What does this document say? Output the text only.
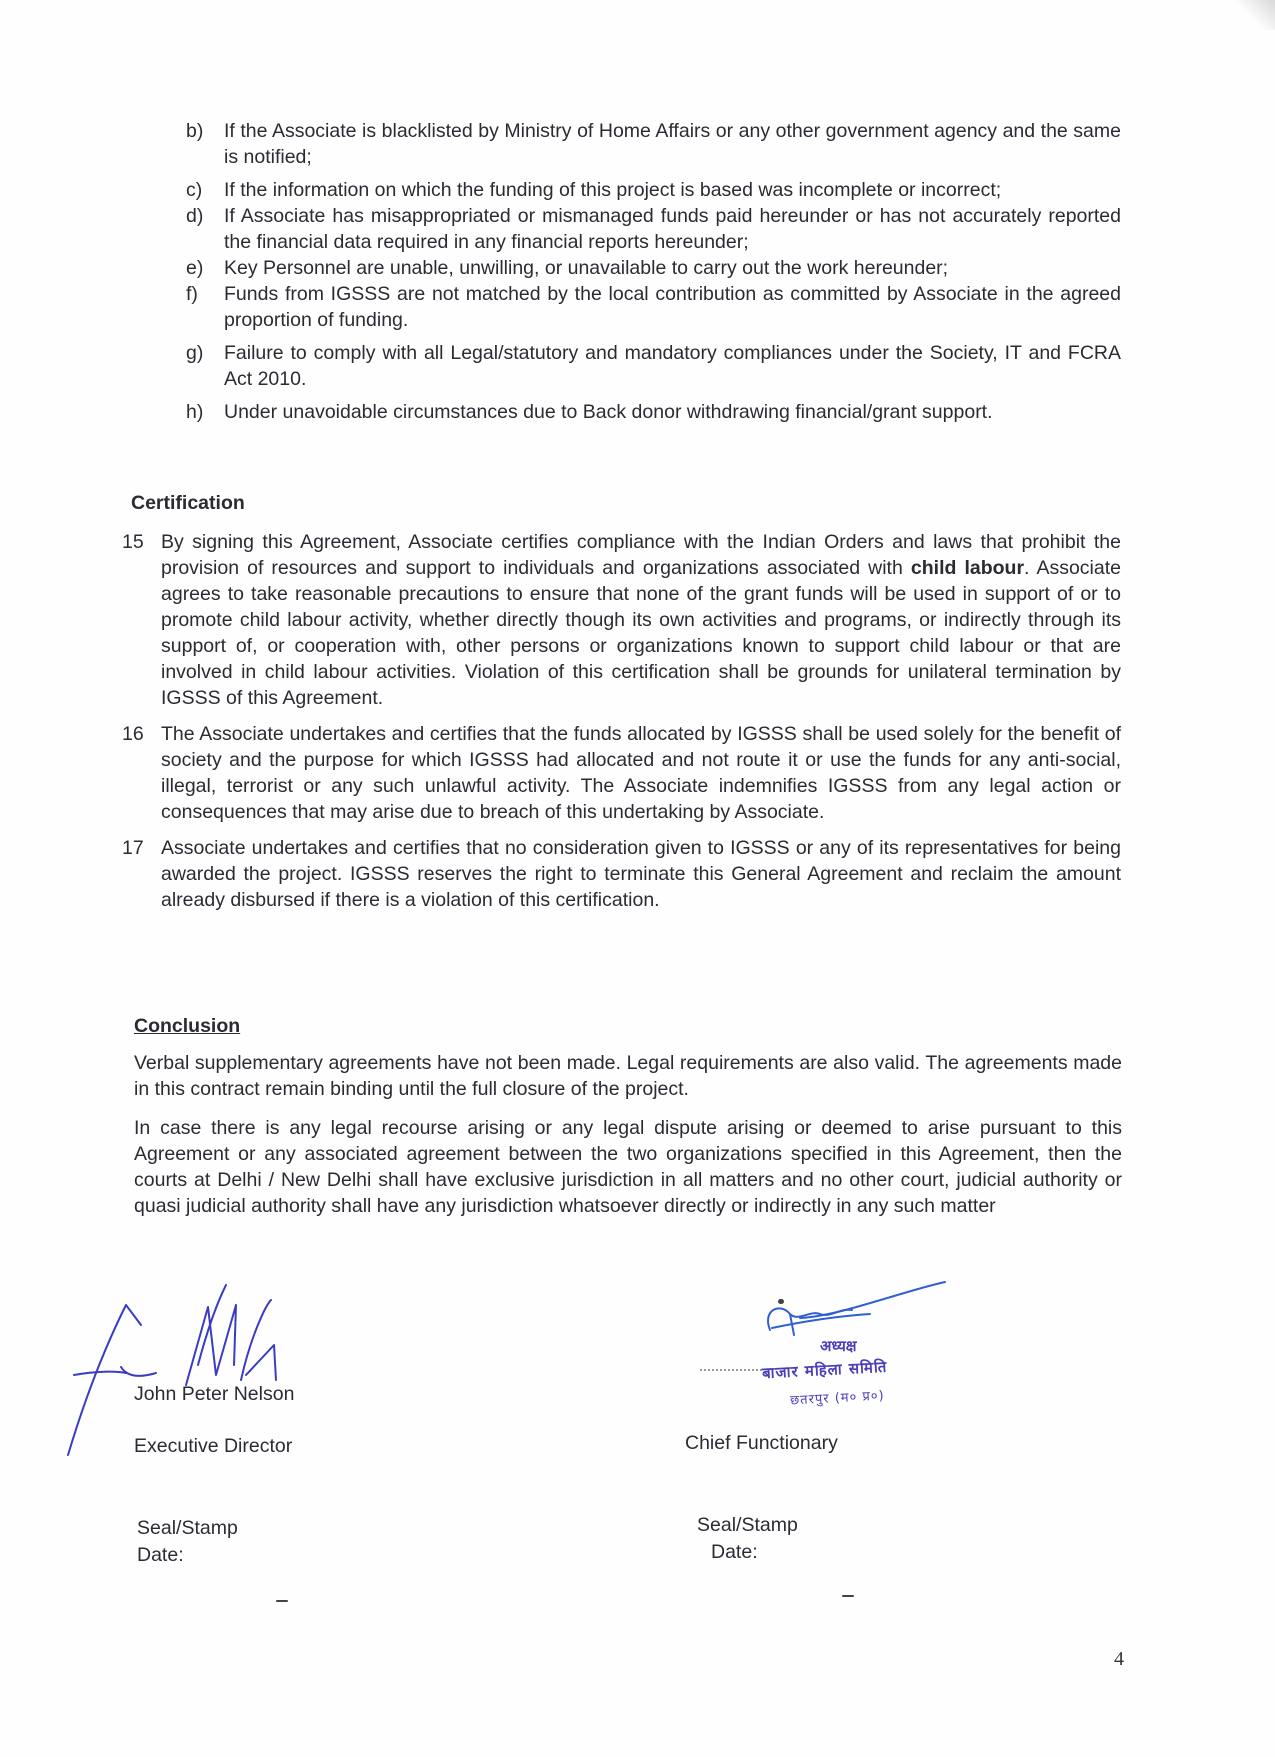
b)	If the Associate is blacklisted by Ministry of Home Affairs or any other government agency and the same is notified;
c)	If the information on which the funding of this project is based was incomplete or incorrect;
d)	If Associate has misappropriated or mismanaged funds paid hereunder or has not accurately reported the financial data required in any financial reports hereunder;
e)	Key Personnel are unable, unwilling, or unavailable to carry out the work hereunder;
f)	Funds from IGSSS are not matched by the local contribution as committed by Associate in the agreed proportion of funding.
g)	Failure to comply with all Legal/statutory and mandatory compliances under the Society, IT and FCRA Act 2010.
h)	Under unavoidable circumstances due to Back donor withdrawing financial/grant support.
Certification
15 By signing this Agreement, Associate certifies compliance with the Indian Orders and laws that prohibit the provision of resources and support to individuals and organizations associated with child labour. Associate agrees to take reasonable precautions to ensure that none of the grant funds will be used in support of or to promote child labour activity, whether directly though its own activities and programs, or indirectly through its support of, or cooperation with, other persons or organizations known to support child labour or that are involved in child labour activities. Violation of this certification shall be grounds for unilateral termination by IGSSS of this Agreement.
16 The Associate undertakes and certifies that the funds allocated by IGSSS shall be used solely for the benefit of society and the purpose for which IGSSS had allocated and not route it or use the funds for any anti-social, illegal, terrorist or any such unlawful activity. The Associate indemnifies IGSSS from any legal action or consequences that may arise due to breach of this undertaking by Associate.
17 Associate undertakes and certifies that no consideration given to IGSSS or any of its representatives for being awarded the project. IGSSS reserves the right to terminate this General Agreement and reclaim the amount already disbursed if there is a violation of this certification.
Conclusion
Verbal supplementary agreements have not been made. Legal requirements are also valid. The agreements made in this contract remain binding until the full closure of the project.
In case there is any legal recourse arising or any legal dispute arising or deemed to arise pursuant to this Agreement or any associated agreement between the two organizations specified in this Agreement, then the courts at Delhi / New Delhi shall have exclusive jurisdiction in all matters and no other court, judicial authority or quasi judicial authority shall have any jurisdiction whatsoever directly or indirectly in any such matter
John Peter Nelson
Executive Director
अध्यक्ष
बाजार महिला समिति
छतरपुर (म० प्र०)
Chief Functionary
Seal/Stamp
Date:
Seal/Stamp
Date:
4
